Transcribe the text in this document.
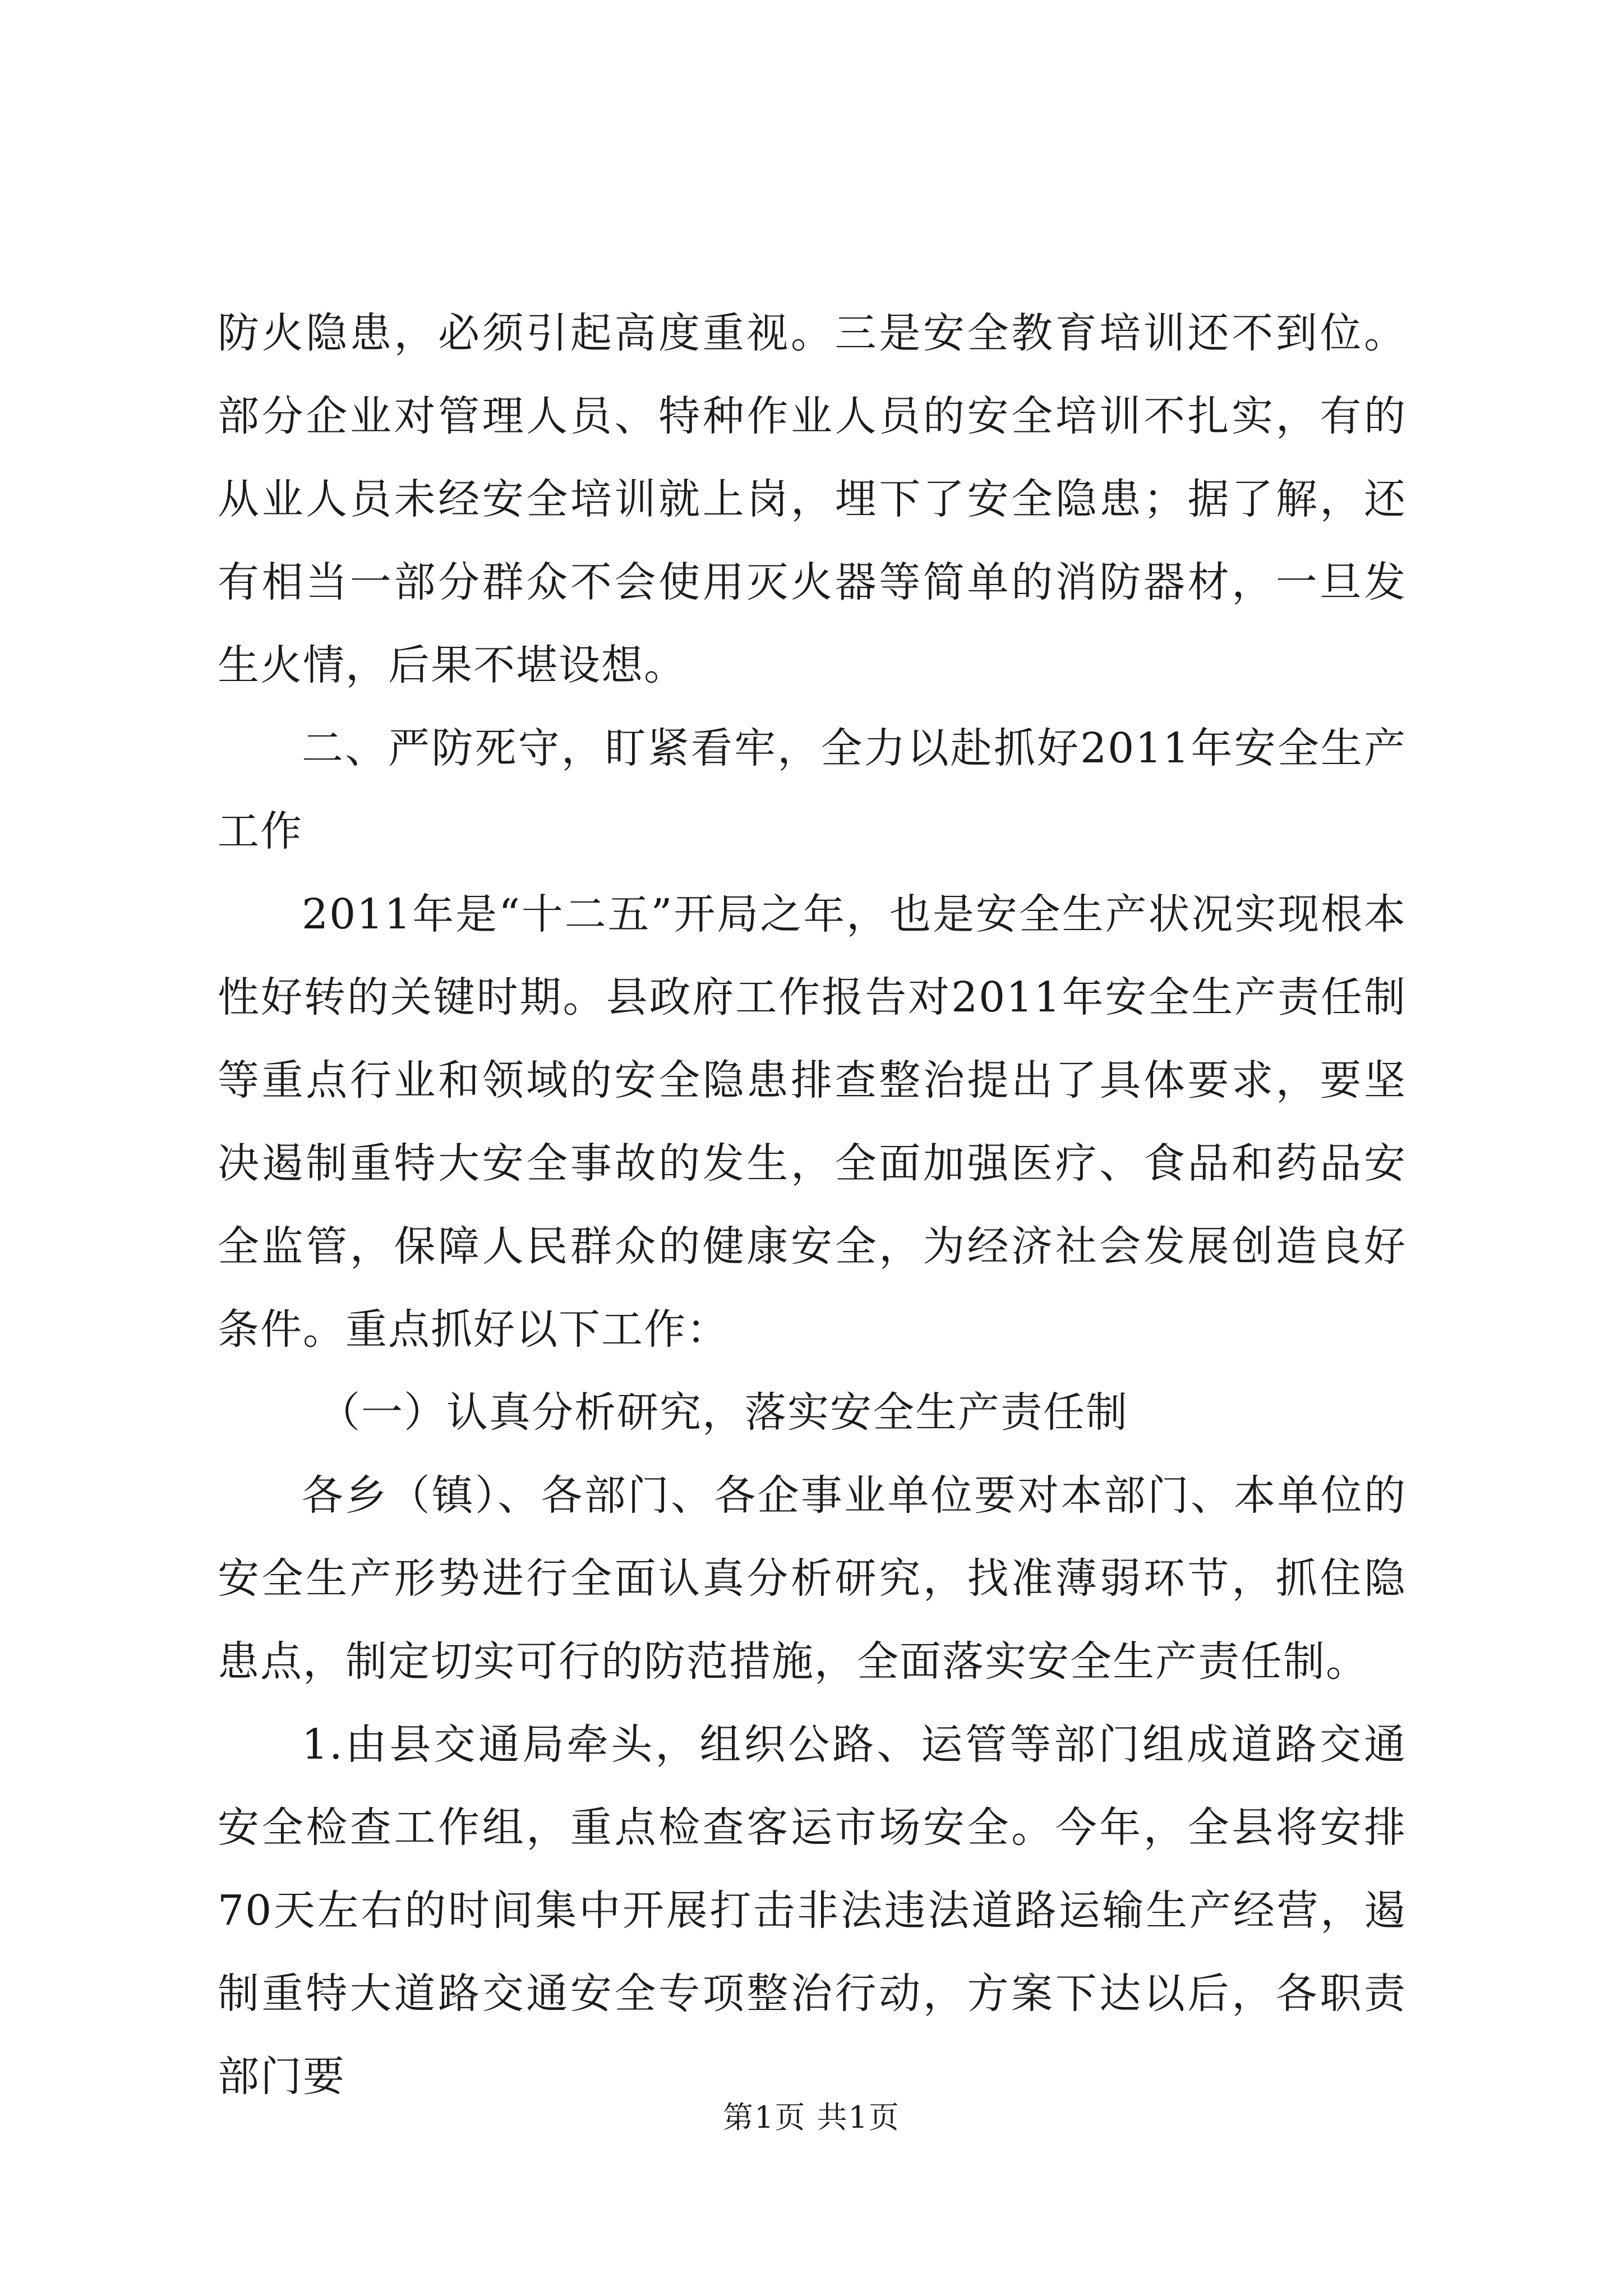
防火隐患，必须引起高度重视。三是安全教育培训还不到位。部分企业对管理人员、特种作业人员的安全培训不扎实，有的从业人员未经安全培训就上岗，埋下了安全隐患；据了解，还有相当一部分群众不会使用灭火器等简单的消防器材，一旦发生火情，后果不堪设想。

二、严防死守，盯紧看牢，全力以赴抓好2011年安全生产工作

2011年是“十二五”开局之年，也是安全生产状况实现根本性好转的关键时期。县政府工作报告对2011年安全生产责任制等重点行业和领域的安全隐患排查整治提出了具体要求，要坚决遏制重特大安全事故的发生，全面加强医疗、食品和药品安全监管，保障人民群众的健康安全，为经济社会发展创造良好条件。重点抓好以下工作：

（一）认真分析研究，落实安全生产责任制

各乡（镇）、各部门、各企事业单位要对本部门、本单位的安全生产形势进行全面认真分析研究，找准薄弱环节，抓住隐患点，制定切实可行的防范措施，全面落实安全生产责任制。

1.由县交通局牵头，组织公路、运管等部门组成道路交通安全检查工作组，重点检查客运市场安全。今年，全县将安排70天左右的时间集中开展打击非法违法道路运输生产经营，遏制重特大道路交通安全专项整治行动，方案下达以后，各职责部门要

第1页 共1页
